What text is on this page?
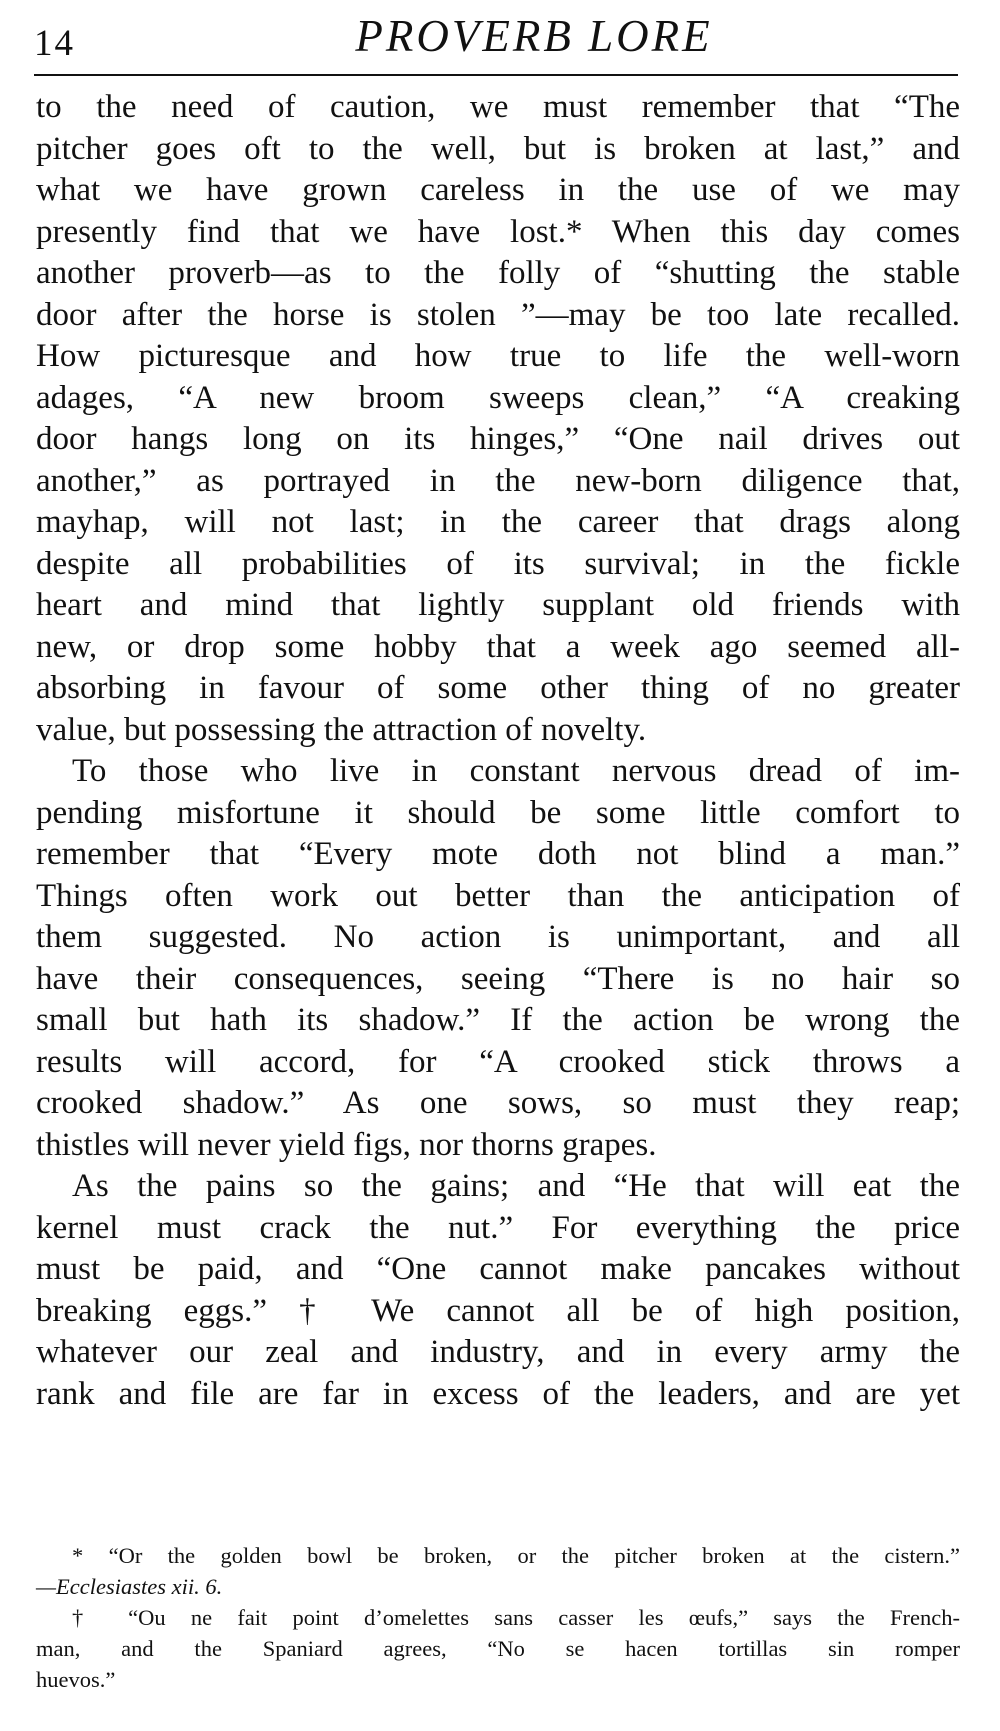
14	PROVERB LORE

to the need of caution, we must remember that “The
pitcher goes oft to the well, but is broken at last,” and
what we have grown careless in the use of we may
presently find that we have lost.* When this day comes
another proverb—as to the folly of “shutting the stable
door after the horse is stolen ”—may be too late recalled.
How picturesque and how true to life the well-worn
adages, “A new broom sweeps clean,” “A creaking
door hangs long on its hinges,” “One nail drives out
another,” as portrayed in the new-born diligence that,
mayhap, will not last; in the career that drags along
despite all probabilities of its survival; in the fickle
heart and mind that lightly supplant old friends with
new, or drop some hobby that a week ago seemed all-
absorbing in favour of some other thing of no greater
value, but possessing the attraction of novelty.

To those who live in constant nervous dread of im-
pending misfortune it should be some little comfort to
remember that “Every mote doth not blind a man.”
Things often work out better than the anticipation of
them suggested. No action is unimportant, and all
have their consequences, seeing “There is no hair so
small but hath its shadow.” If the action be wrong the
results will accord, for “A crooked stick throws a
crooked shadow.” As one sows, so must they reap;
thistles will never yield figs, nor thorns grapes.

As the pains so the gains; and “He that will eat the
kernel must crack the nut.” For everything the price
must be paid, and “One cannot make pancakes without
breaking eggs.” † We cannot all be of high position,
whatever our zeal and industry, and in every army the
rank and file are far in excess of the leaders, and are yet

* “Or the golden bowl be broken, or the pitcher broken at the cistern.”
—Ecclesiastes xii. 6.
† “Ou ne fait point d’omelettes sans casser les œufs,” says the French-
man, and the Spaniard agrees, “No se hacen tortillas sin romper
huevos.”
